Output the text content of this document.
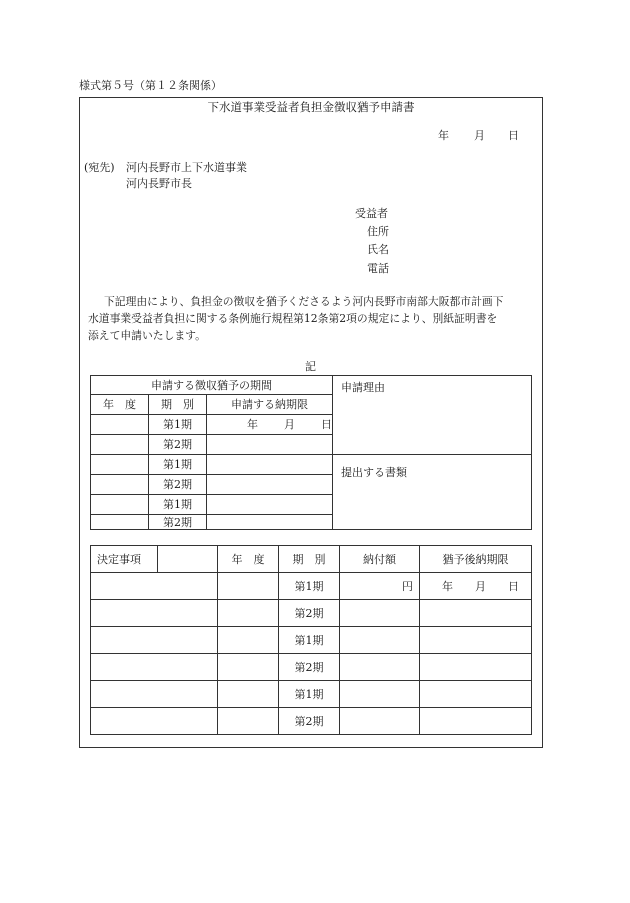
様式第５号（第１２条関係）
下水道事業受益者負担金徴収猶予申請書
年 月 日
(宛先) 河内長野市上下水道事業
河内長野市長
受益者
住所
氏名
電話
下記理由により、負担金の徴収を猶予くださるよう河内長野市南部大阪都市計画下
水道事業受益者負担に関する条例施行規程第12条第2項の規定により、別紙証明書を
添えて申請いたします。
記
申請する徴収猶予の期間			申請理由
年　度	期　別	申請する納期限	
	第1期	年 月 日	
	第2期		
	第1期		提出する書類
	第2期		
	第1期		
	第2期		
決定事項		年　度	期　別	納付額	猶予後納期限
			第1期	円	年 月 日
			第2期		
			第1期		
			第2期		
			第1期		
			第2期		
